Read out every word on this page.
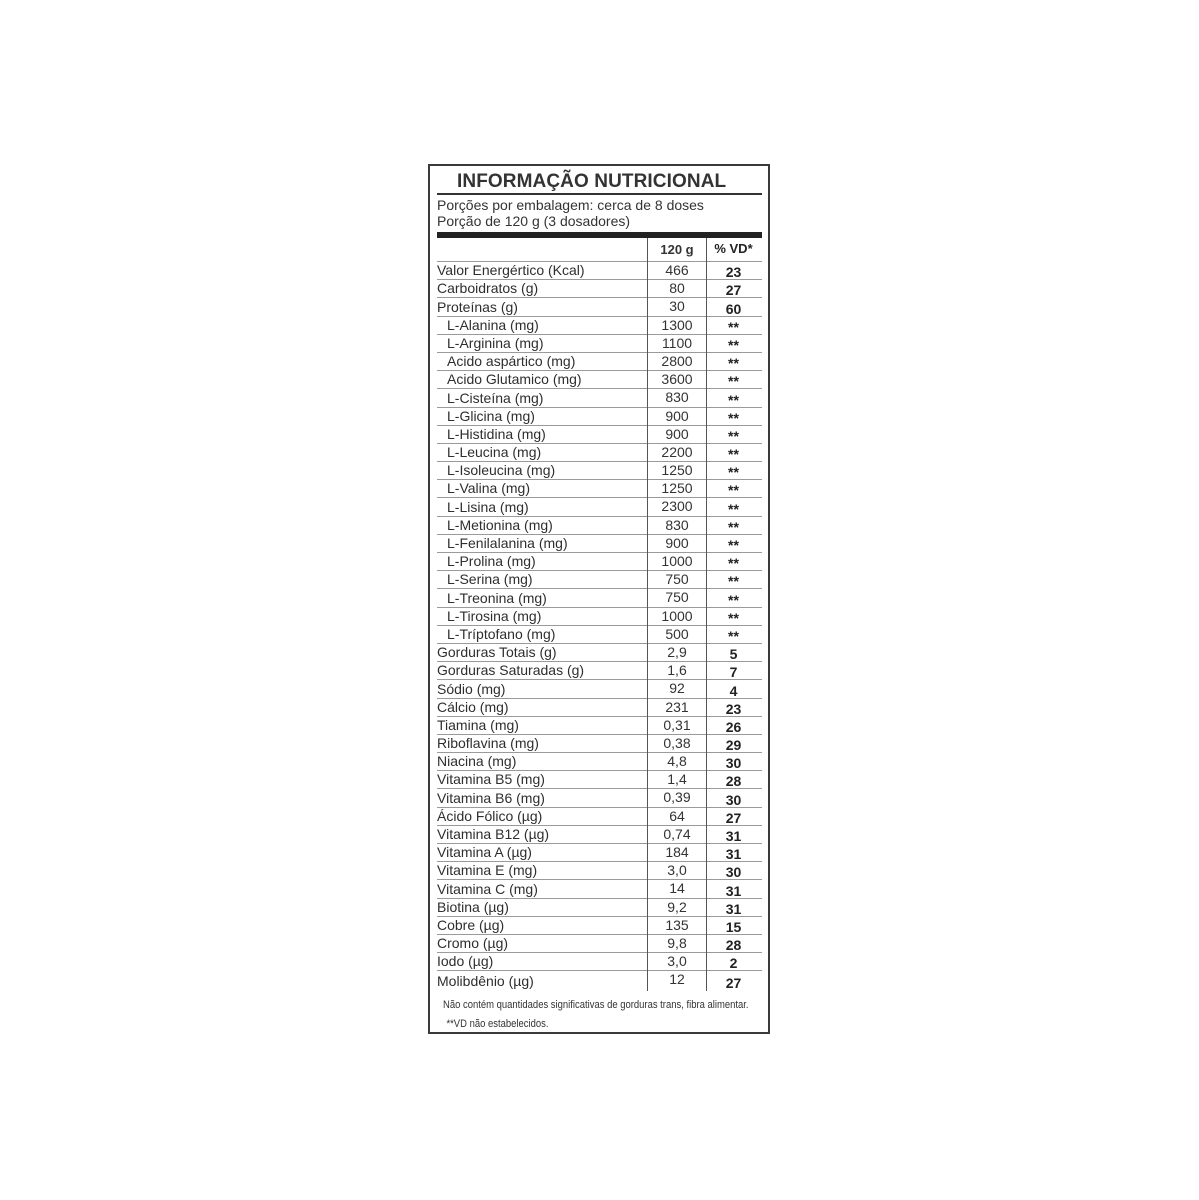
INFORMAÇÃO NUTRICIONAL
Porções por embalagem: cerca de 8 doses
Porção de 120 g (3 dosadores)
120 g	% VD*
Valor Energértico (Kcal)	466	23
Carboidratos (g)	80	27
Proteínas (g)	30	60
L-Alanina (mg)	1300	**
L-Arginina (mg)	1100	**
Acido aspártico (mg)	2800	**
Acido Glutamico (mg)	3600	**
L-Cisteína (mg)	830	**
L-Glicina (mg)	900	**
L-Histidina (mg)	900	**
L-Leucina (mg)	2200	**
L-Isoleucina (mg)	1250	**
L-Valina (mg)	1250	**
L-Lisina (mg)	2300	**
L-Metionina (mg)	830	**
L-Fenilalanina (mg)	900	**
L-Prolina (mg)	1000	**
L-Serina (mg)	750	**
L-Treonina (mg)	750	**
L-Tirosina (mg)	1000	**
L-Tríptofano (mg)	500	**
Gorduras Totais (g)	2,9	5
Gorduras Saturadas (g)	1,6	7
Sódio (mg)	92	4
Cálcio (mg)	231	23
Tiamina (mg)	0,31	26
Riboflavina (mg)	0,38	29
Niacina (mg)	4,8	30
Vitamina B5 (mg)	1,4	28
Vitamina B6 (mg)	0,39	30
Ácido Fólico (µg)	64	27
Vitamina B12 (µg)	0,74	31
Vitamina A (µg)	184	31
Vitamina E (mg)	3,0	30
Vitamina C (mg)	14	31
Biotina (µg)	9,2	31
Cobre (µg)	135	15
Cromo (µg)	9,8	28
Iodo (µg)	3,0	2
Molibdênio (µg)	12	27
Não contém quantidades significativas de gorduras trans, fibra alimentar.
**VD não estabelecidos.
